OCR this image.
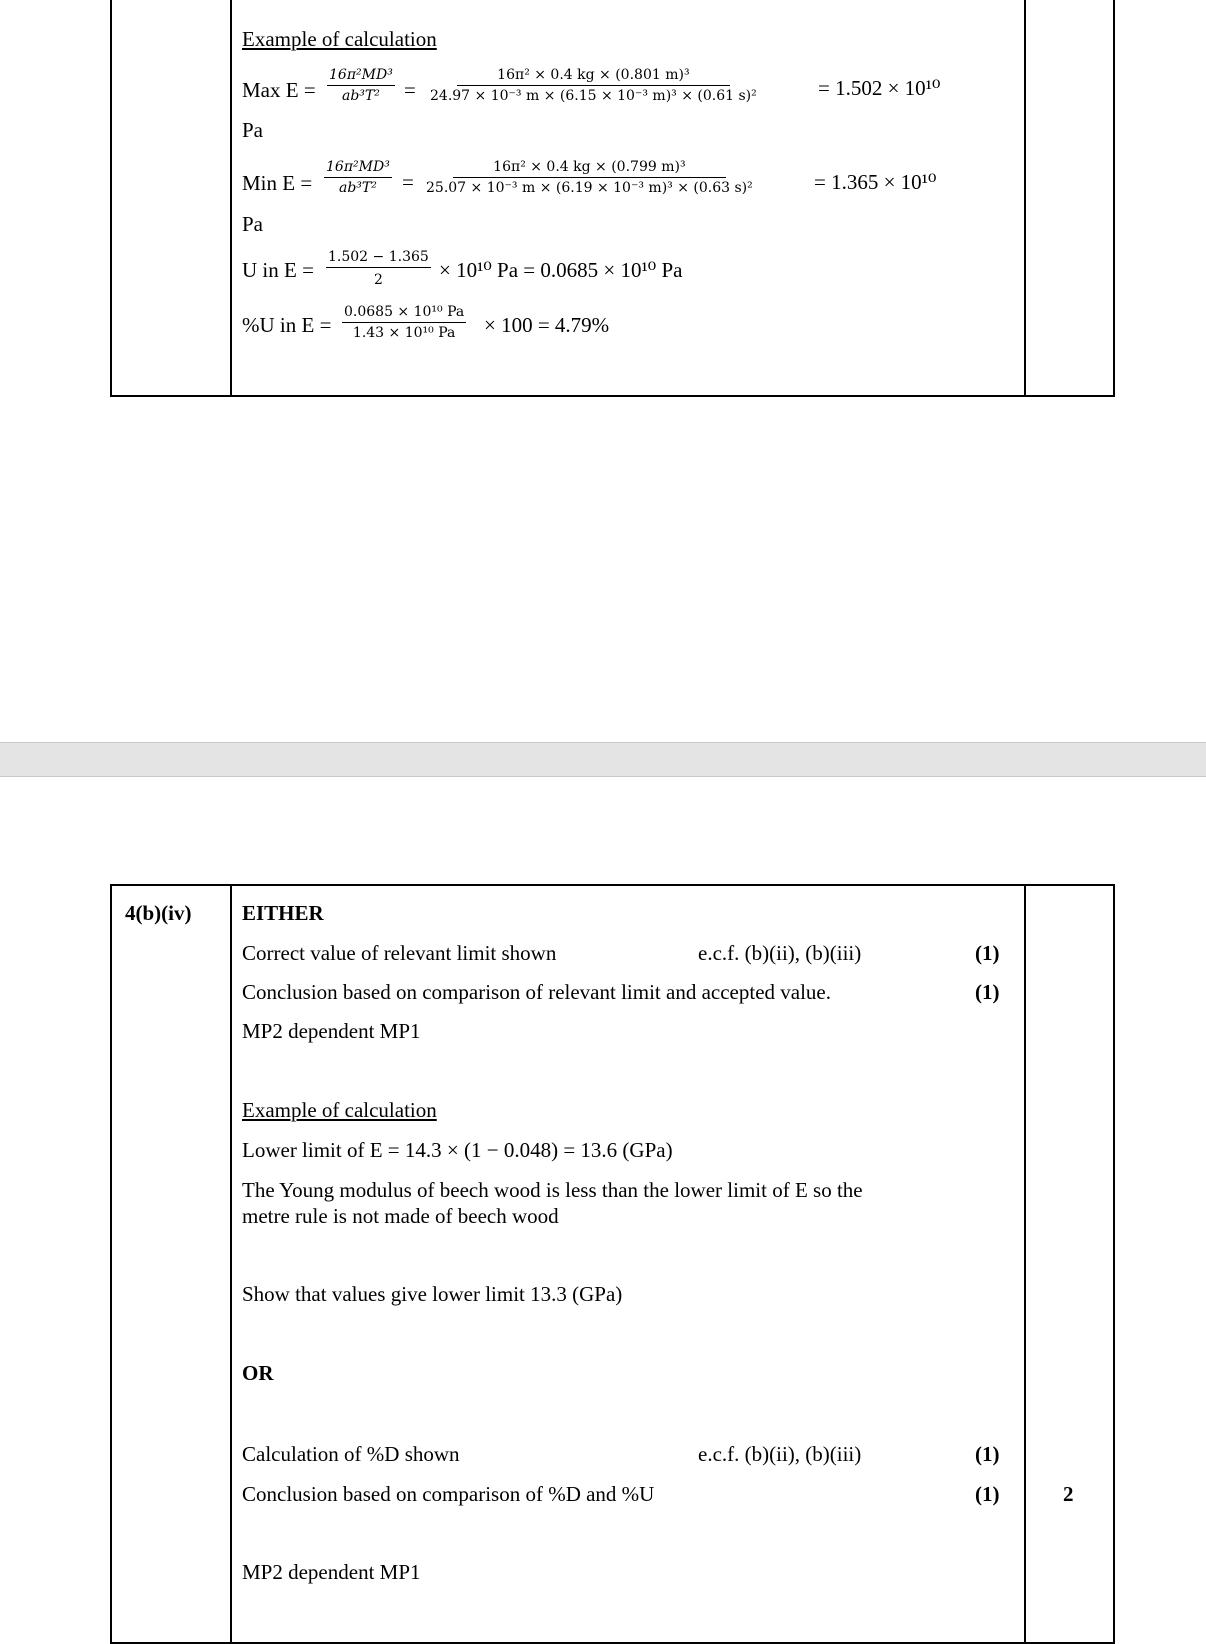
Example of calculation
Max $E = \frac{\text{16π²MD³}}{\text{ab³T²}} = \frac{\text{16π² × 0.4 kg × (0.801 m)³}}{\text{24.97 × 10⁻³ m × (6.15 × 10⁻³ m)³ × (0.61 s)²}}$	= 1.502 × 10¹⁰
Pa
Min $E = \frac{\text{16π²MD³}}{\text{ab³T²}} = \frac{\text{16π² × 0.4 kg × (0.799 m)³}}{\text{25.07 × 10⁻³ m × (6.19 × 10⁻³ m)³ × (0.63 s)²}}$	= 1.365 × 10¹⁰
Pa
U in $E = \frac{1.502 - 1.365}{2} \times 10^{10}$ Pa = 0.0685 × 10¹⁰ Pa
%U in $E = \frac{\text{0.0685 × 10¹⁰ Pa}}{\text{1.43 × 10¹⁰ Pa}} \times 100 = 4.79\%$
4(b)(iv) EITHER
Correct value of relevant limit shown	e.c.f. (b)(ii), (b)(iii)	(1)
Conclusion based on comparison of relevant limit and accepted value.	(1)
MP2 dependent MP1
Example of calculation
Lower limit of E = 14.3 × (1 − 0.048) = 13.6 (GPa)
The Young modulus of beech wood is less than the lower limit of E so the
metre rule is not made of beech wood
Show that values give lower limit 13.3 (GPa)
OR
Calculation of %D shown	e.c.f. (b)(ii), (b)(iii)	(1)
Conclusion based on comparison of %D and %U	(1)	2
MP2 dependent MP1
